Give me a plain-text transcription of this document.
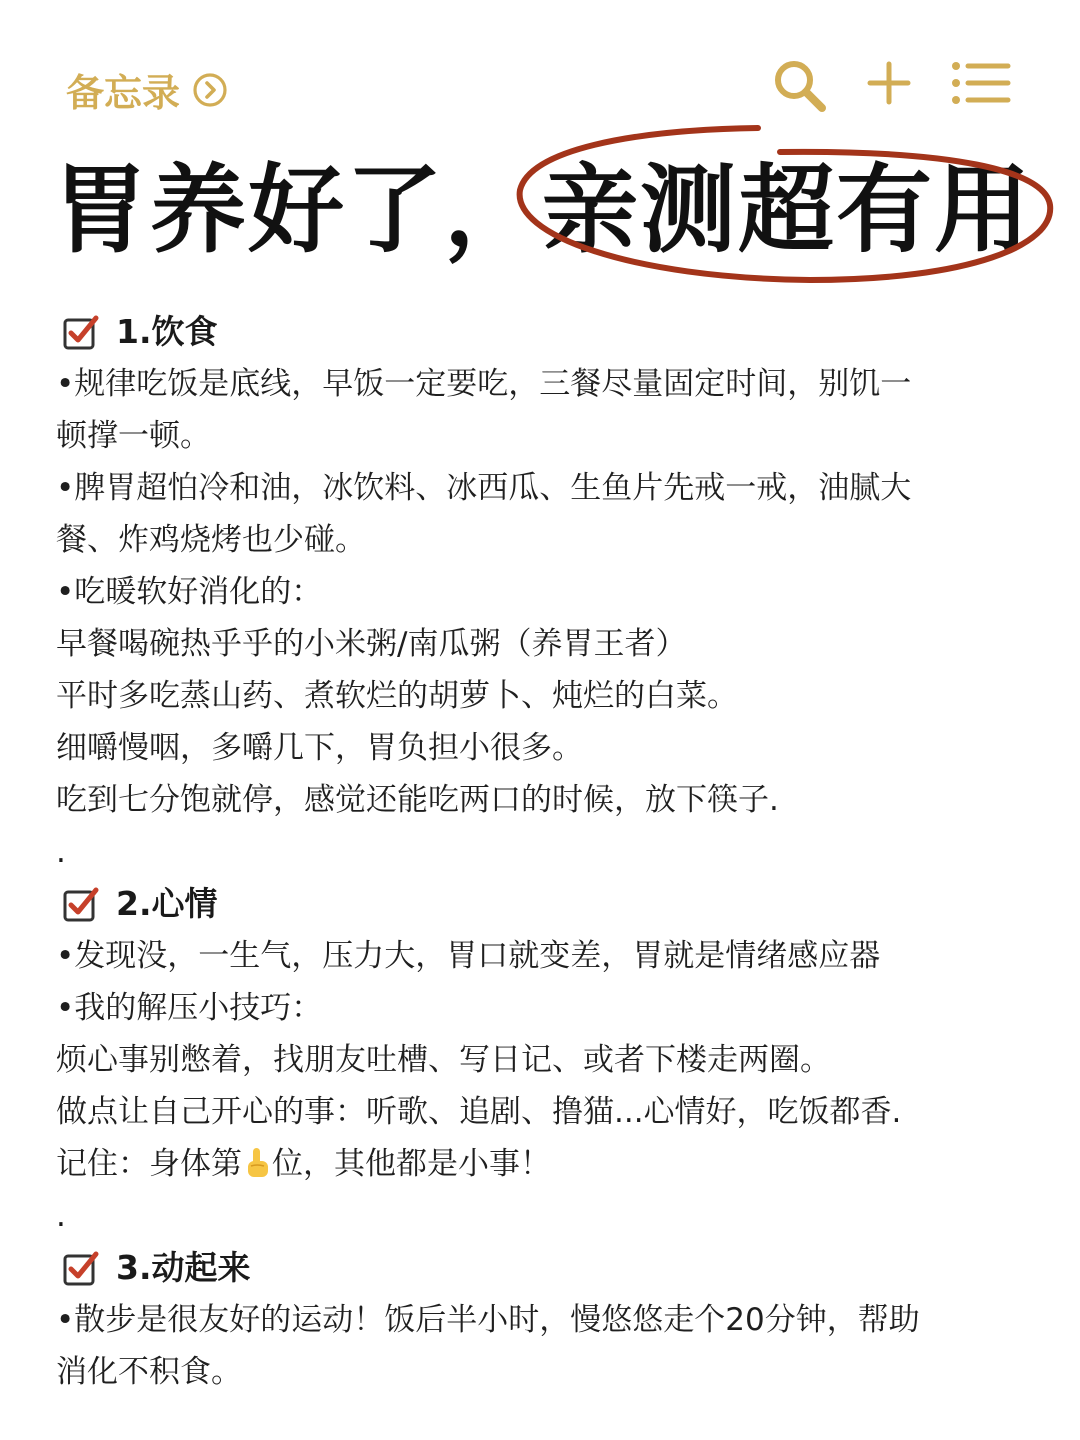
备忘录
胃养好了，亲测超有用
1.饮食
•规律吃饭是底线，早饭一定要吃，三餐尽量固定时间，别饥一
顿撑一顿。
•脾胃超怕冷和油，冰饮料、冰西瓜、生鱼片先戒一戒，油腻大
餐、炸鸡烧烤也少碰。
•吃暖软好消化的：
早餐喝碗热乎乎的小米粥/南瓜粥（养胃王者）
平时多吃蒸山药、煮软烂的胡萝卜、炖烂的白菜。
细嚼慢咽，多嚼几下，胃负担小很多。
吃到七分饱就停，感觉还能吃两口的时候，放下筷子.
.
2.心情
•发现没，一生气，压力大，胃口就变差，胃就是情绪感应器
•我的解压小技巧：
烦心事别憋着，找朋友吐槽、写日记、或者下楼走两圈。
做点让自己开心的事：听歌、追剧、撸猫...心情好，吃饭都香.
记住：身体第 位，其他都是小事！
.
3.动起来
•散步是很友好的运动！饭后半小时，慢悠悠走个20分钟，帮助
消化不积食。
